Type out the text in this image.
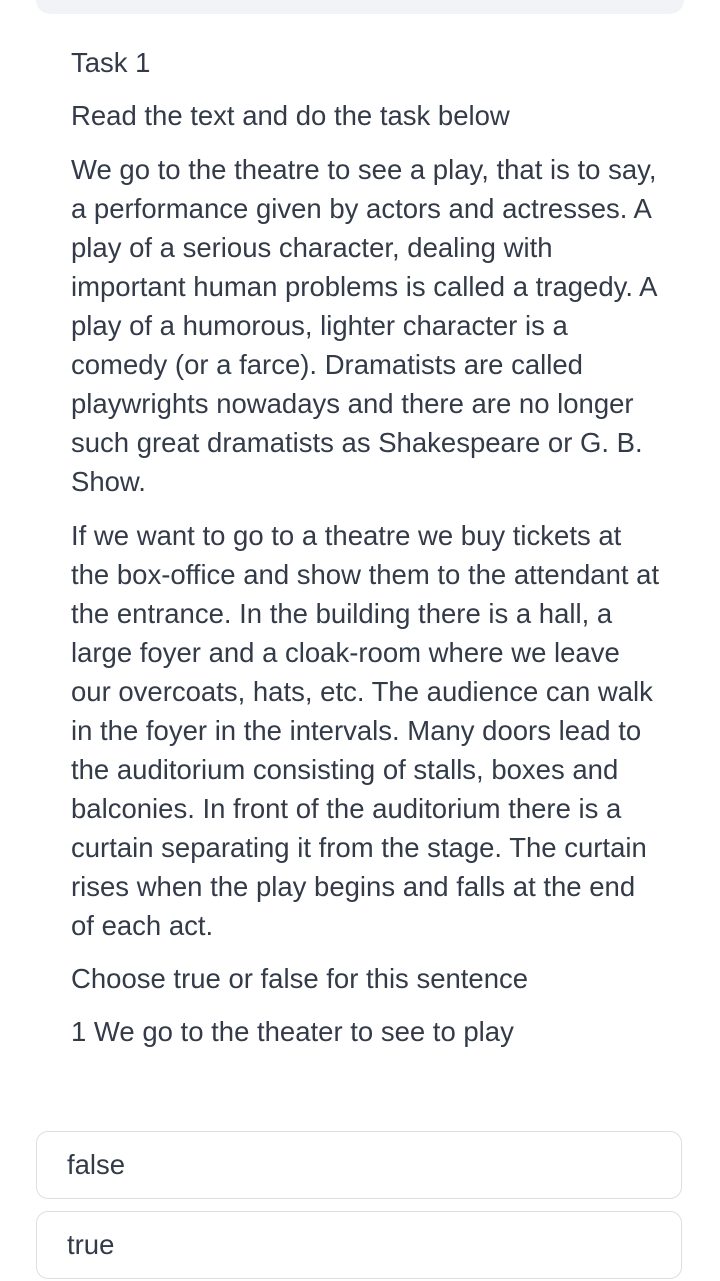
Task 1
Read the text and do the task below
We go to the theatre to see a play, that is to say, a performance given by actors and actresses. A play of a serious character, dealing with important human problems is called a tragedy. A play of a humorous, lighter character is a comedy (or a farce). Dramatists are called playwrights nowadays and there are no longer such great dramatists as Shakespeare or G. B. Show.
If we want to go to a theatre we buy tickets at the box-office and show them to the attendant at the entrance. In the building there is a hall, a large foyer and a cloak-room where we leave our overcoats, hats, etc. The audience can walk in the foyer in the intervals. Many doors lead to the auditorium consisting of stalls, boxes and balconies. In front of the auditorium there is a curtain separating it from the stage. The curtain rises when the play begins and falls at the end of each act.
Choose true or false for this sentence
1 We go to the theater to see to play
false
true
